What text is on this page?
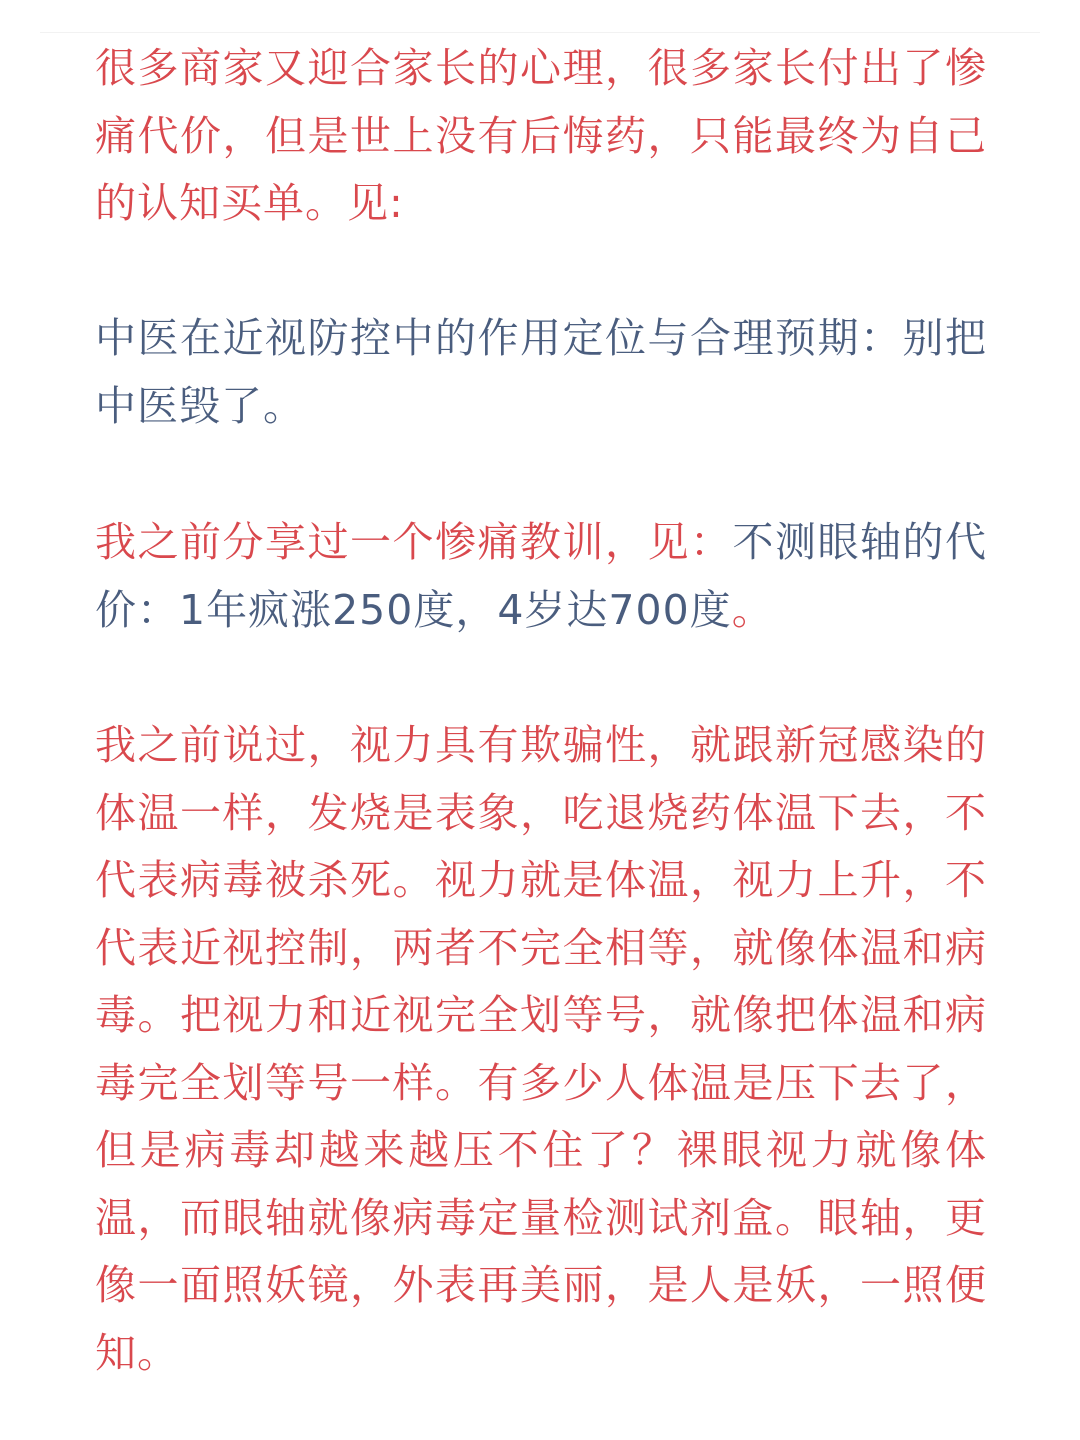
很多商家又迎合家长的心理，很多家长付出了惨痛代价，但是世上没有后悔药，只能最终为自己的认知买单。见:

中医在近视防控中的作用定位与合理预期：别把中医毁了。

我之前分享过一个惨痛教训，见：不测眼轴的代价：1年疯涨250度，4岁达700度。

我之前说过，视力具有欺骗性，就跟新冠感染的体温一样，发烧是表象，吃退烧药体温下去，不代表病毒被杀死。视力就是体温，视力上升，不代表近视控制，两者不完全相等，就像体温和病毒。把视力和近视完全划等号，就像把体温和病毒完全划等号一样。有多少人体温是压下去了，但是病毒却越来越压不住了？裸眼视力就像体温，而眼轴就像病毒定量检测试剂盒。眼轴，更像一面照妖镜，外表再美丽，是人是妖，一照便知。
